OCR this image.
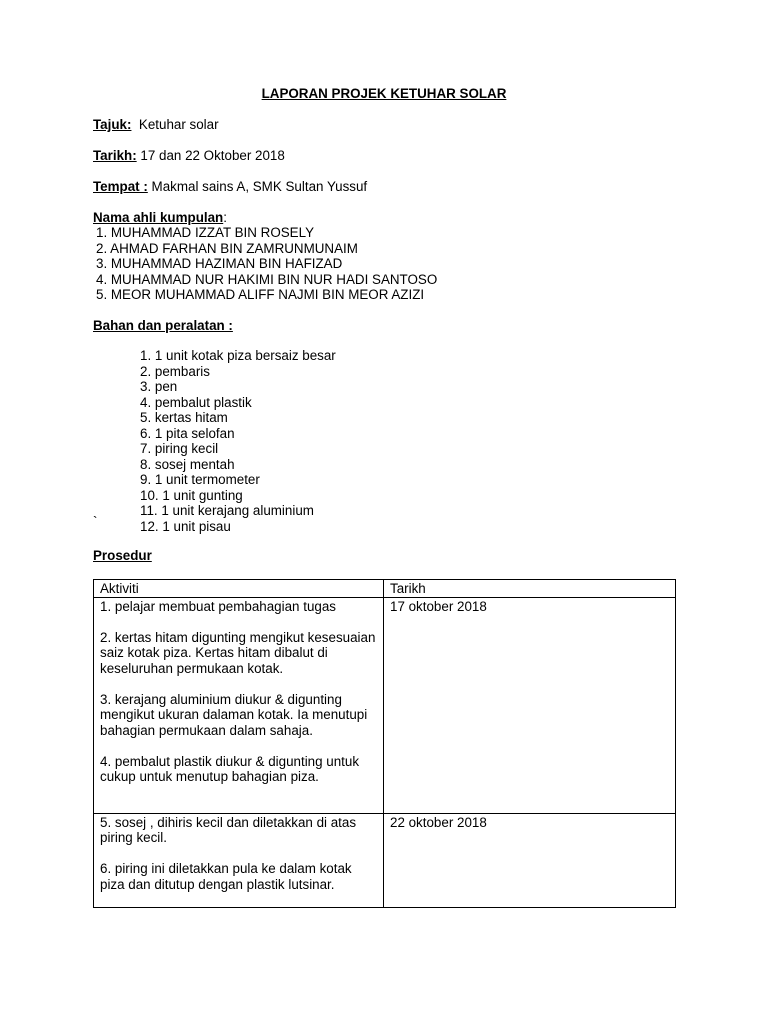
LAPORAN PROJEK KETUHAR SOLAR
Tajuk: Ketuhar solar
Tarikh: 17 dan 22 Oktober 2018
Tempat : Makmal sains A, SMK Sultan Yussuf
Nama ahli kumpulan:
1. MUHAMMAD IZZAT BIN ROSELY
2. AHMAD FARHAN BIN ZAMRUNMUNAIM
3. MUHAMMAD HAZIMAN BIN HAFIZAD
4. MUHAMMAD NUR HAKIMI BIN NUR HADI SANTOSO
5. MEOR MUHAMMAD ALIFF NAJMI BIN MEOR AZIZI
Bahan dan peralatan :
1. 1 unit kotak piza bersaiz besar
2. pembaris
3. pen
4. pembalut plastik
5. kertas hitam
6. 1 pita selofan
7. piring kecil
8. sosej mentah
9. 1 unit termometer
10. 1 unit gunting
11. 1 unit kerajang aluminium
12. 1 unit pisau
`
Prosedur
Aktiviti	Tarikh

1. pelajar membuat pembahagian tugas
2. kertas hitam digunting mengikut kesesuaian saiz kotak piza. Kertas hitam dibalut di keseluruhan permukaan kotak.
3. kerajang aluminium diukur & digunting mengikut ukuran dalaman kotak. Ia menutupi bahagian permukaan dalam sahaja.
4. pembalut plastik diukur & digunting untuk cukup untuk menutup bahagian piza.	17 oktober 2018

5. sosej , dihiris kecil dan diletakkan di atas piring kecil.
6. piring ini diletakkan pula ke dalam kotak piza dan ditutup dengan plastik lutsinar.	22 oktober 2018
